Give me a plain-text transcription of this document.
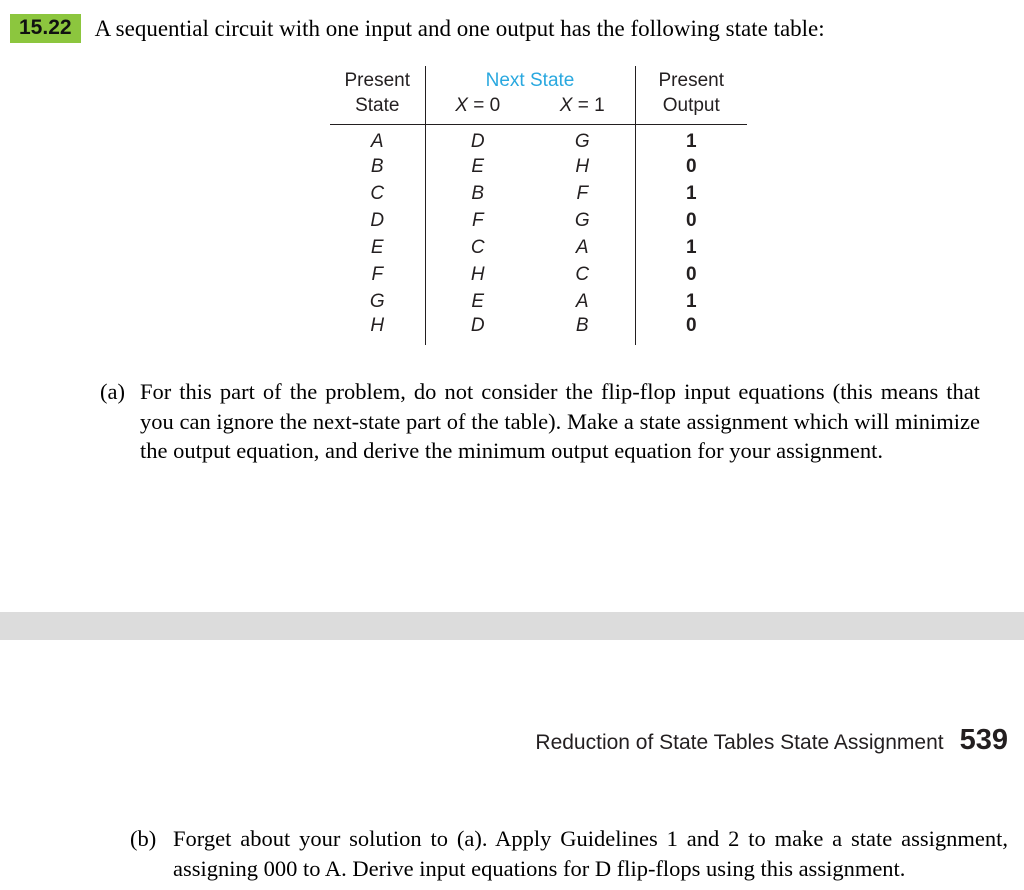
15.22	A sequential circuit with one input and one output has the following state table:
Present	Next State		Present
State	X = 0	X = 1	Output
A	D	G	1
B	E	H	0
C	B	F	1
D	F	G	0
E	C	A	1
F	H	C	0
G	E	A	1
H	D	B	0
(a) For this part of the problem, do not consider the flip-flop input equations (this means that you can ignore the next-state part of the table). Make a state assignment which will minimize the output equation, and derive the minimum output equation for your assignment.
Reduction of State Tables State Assignment 539
(b) Forget about your solution to (a). Apply Guidelines 1 and 2 to make a state assignment, assigning 000 to A. Derive input equations for D flip-flops using this assignment.
